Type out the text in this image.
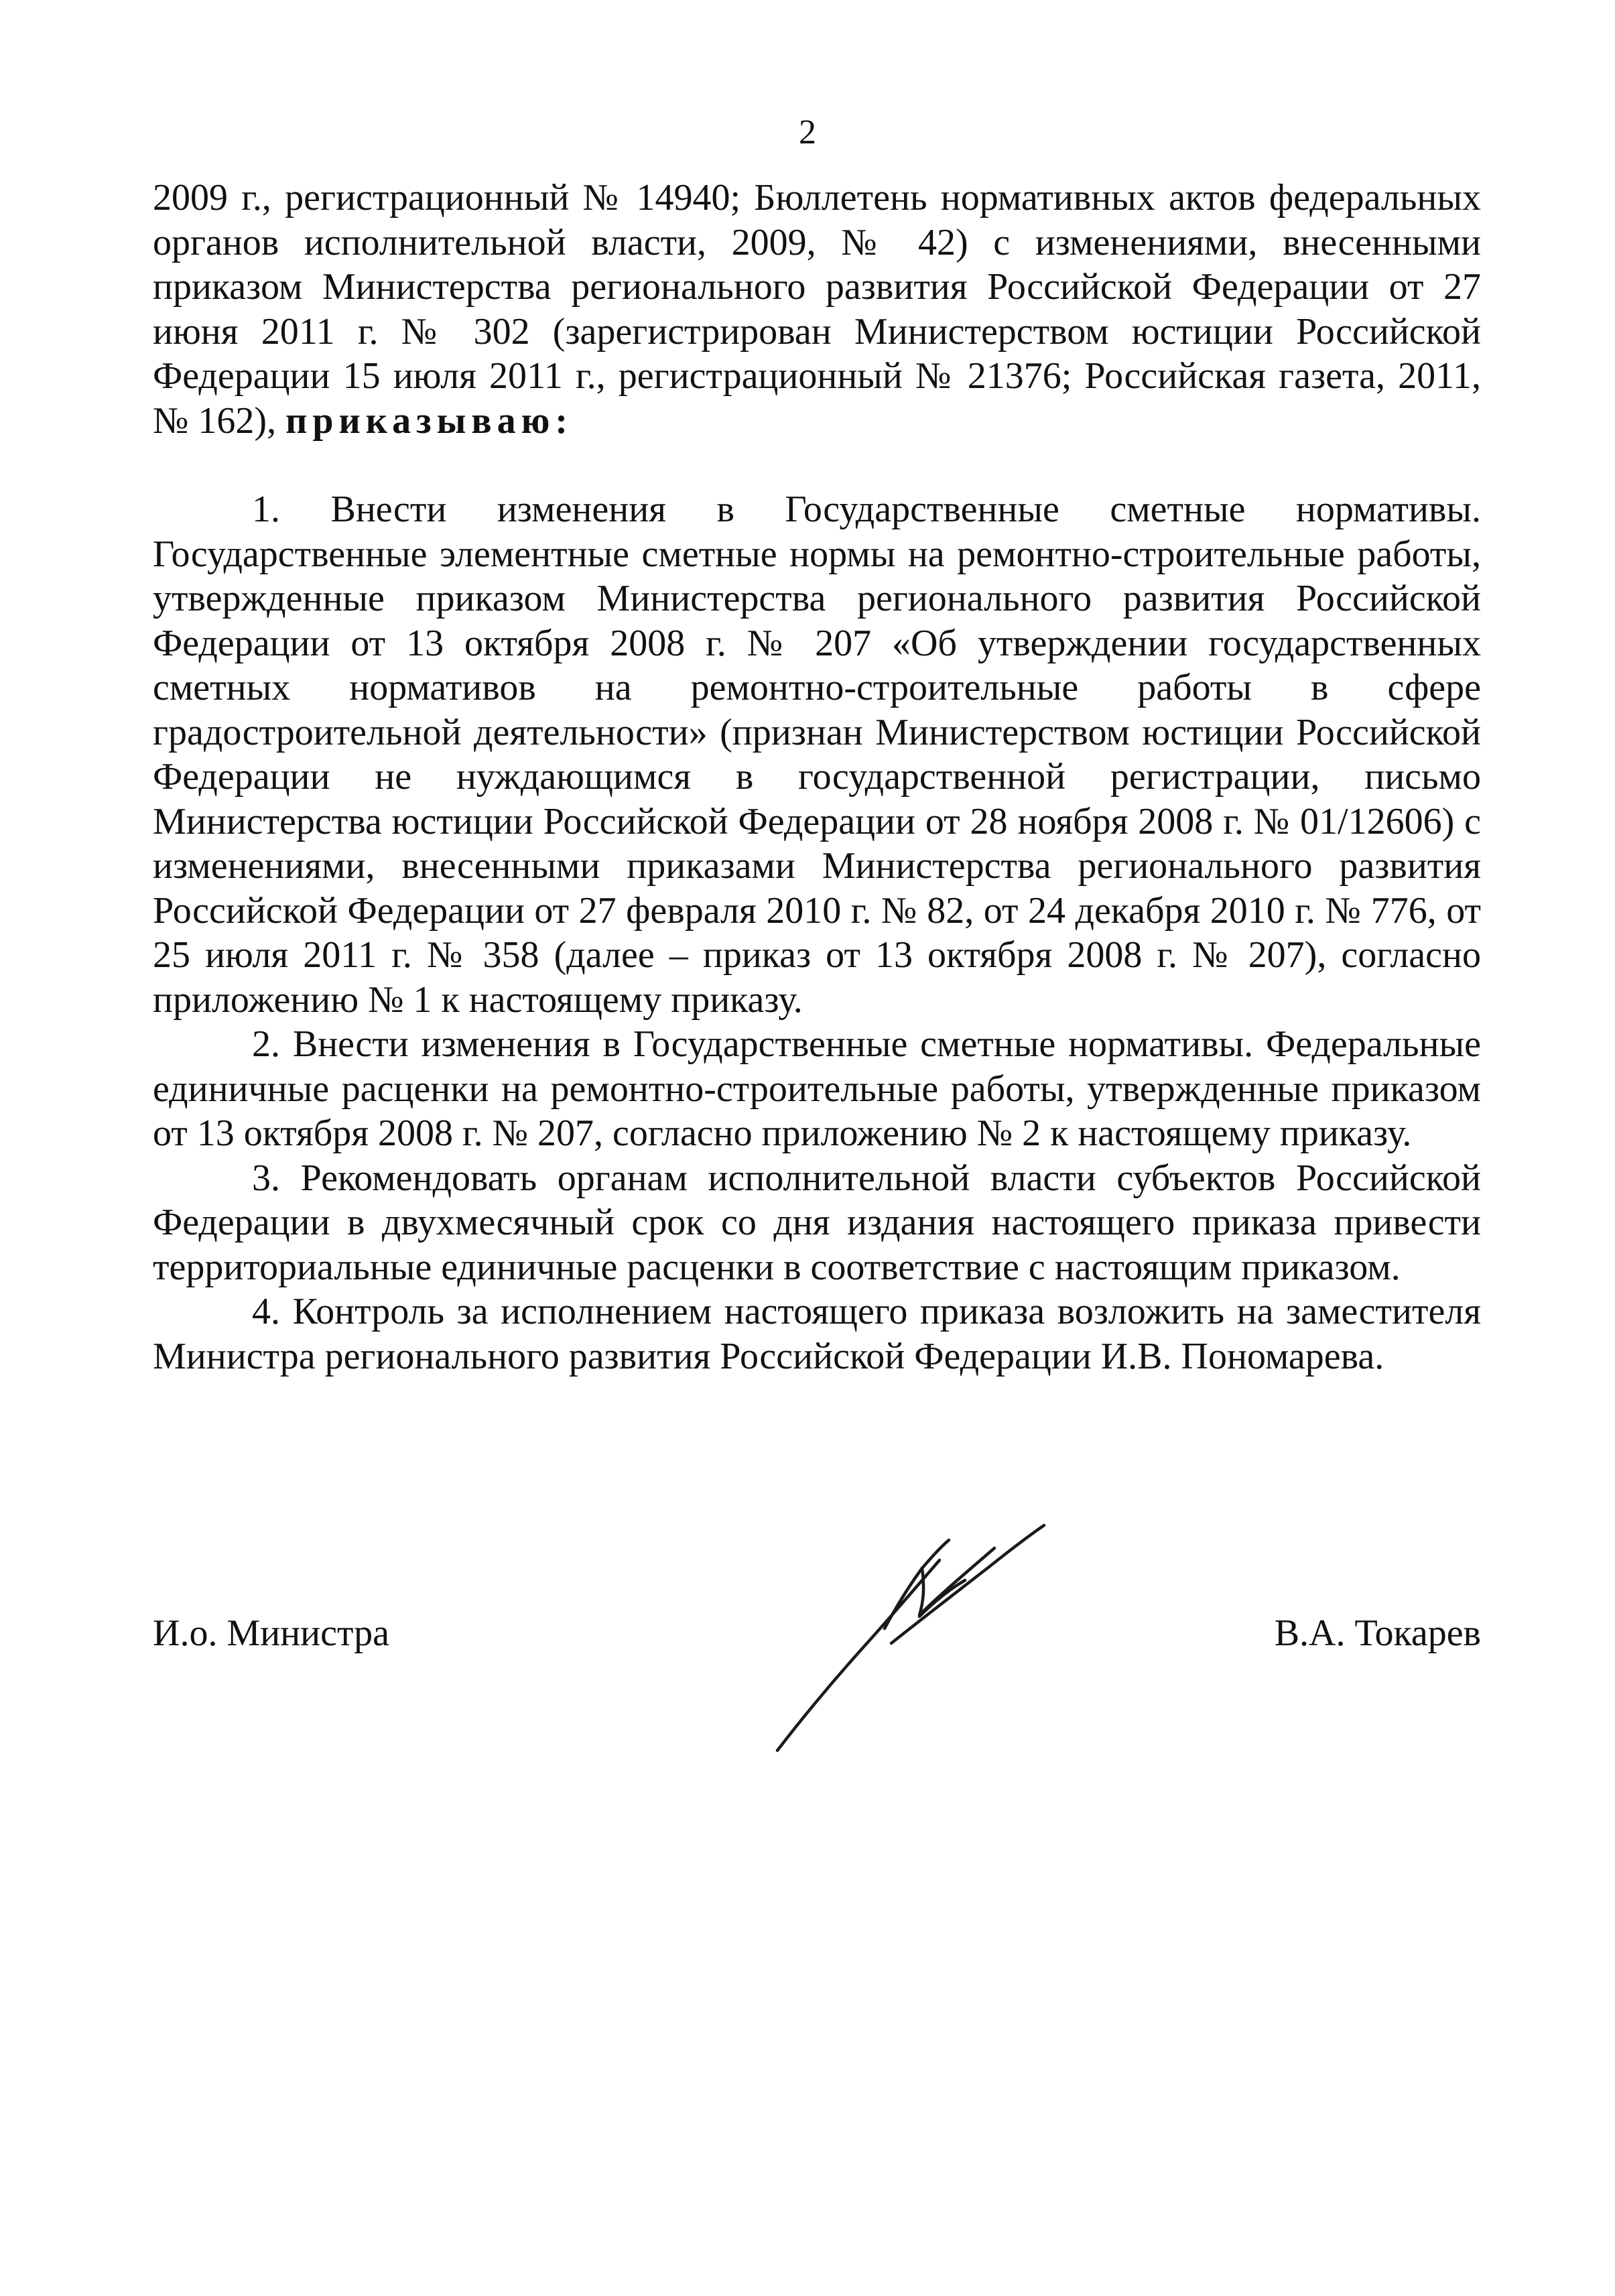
2

2009 г., регистрационный № 14940; Бюллетень нормативных актов федеральных органов исполнительной власти, 2009, № 42) с изменениями, внесенными приказом Министерства регионального развития Российской Федерации от 27 июня 2011 г. № 302 (зарегистрирован Министерством юстиции Российской Федерации 15 июля 2011 г., регистрационный № 21376; Российская газета, 2011, № 162), приказываю:

1. Внести изменения в Государственные сметные нормативы. Государственные элементные сметные нормы на ремонтно-строительные работы, утвержденные приказом Министерства регионального развития Российской Федерации от 13 октября 2008 г. № 207 «Об утверждении государственных сметных нормативов на ремонтно-строительные работы в сфере градостроительной деятельности» (признан Министерством юстиции Российской Федерации не нуждающимся в государственной регистрации, письмо Министерства юстиции Российской Федерации от 28 ноября 2008 г. № 01/12606) с изменениями, внесенными приказами Министерства регионального развития Российской Федерации от 27 февраля 2010 г. № 82, от 24 декабря 2010 г. № 776, от 25 июля 2011 г. № 358 (далее – приказ от 13 октября 2008 г. № 207), согласно приложению № 1 к настоящему приказу.

2. Внести изменения в Государственные сметные нормативы. Федеральные единичные расценки на ремонтно-строительные работы, утвержденные приказом от 13 октября 2008 г. № 207, согласно приложению № 2 к настоящему приказу.

3. Рекомендовать органам исполнительной власти субъектов Российской Федерации в двухмесячный срок со дня издания настоящего приказа привести территориальные единичные расценки в соответствие с настоящим приказом.

4. Контроль за исполнением настоящего приказа возложить на заместителя Министра регионального развития Российской Федерации И.В. Пономарева.

И.о. Министра	В.А. Токарев
